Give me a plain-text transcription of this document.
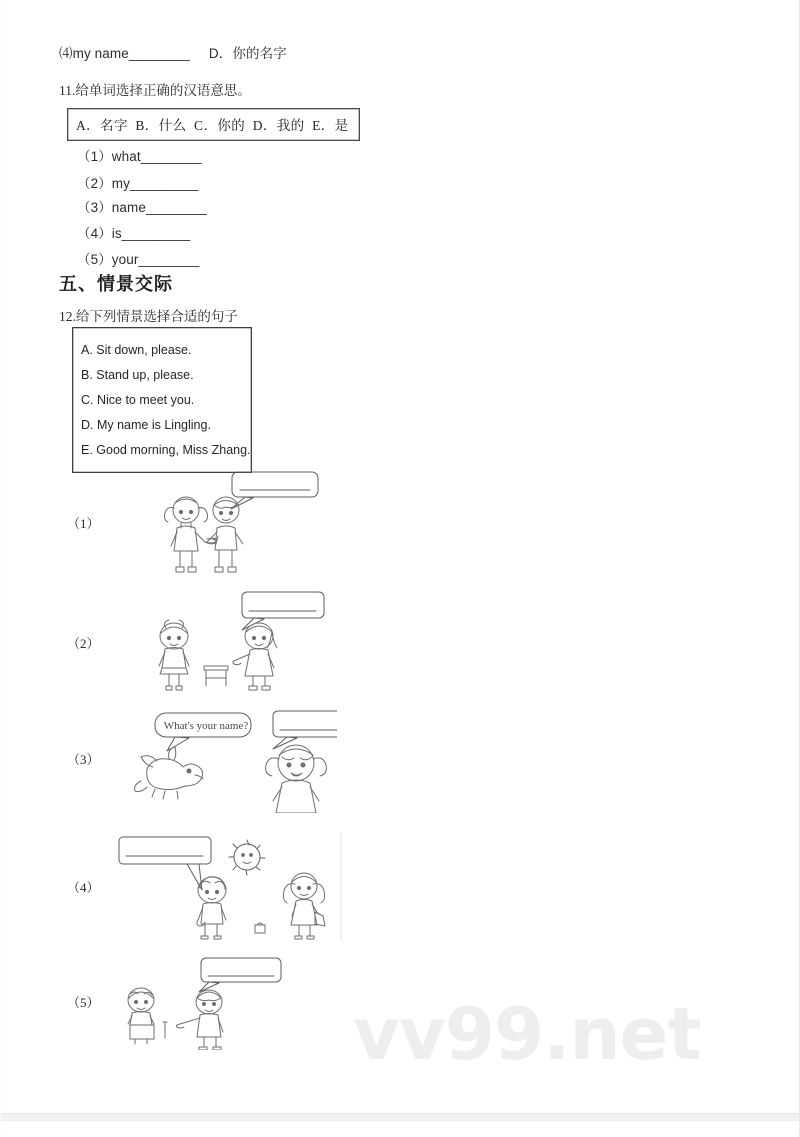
⑷my name________     D．你的名字
11.给单词选择正确的汉语意思。
A．名字  B．什么  C．你的  D．我的  E．是
（1）what________
（2）my_________
（3）name________
（4）is_________
（5）your________
五、情景交际
12.给下列情景选择合适的句子
A. Sit down, please.
B. Stand up, please.
C. Nice to meet you.
D. My name is Lingling.
E. Good morning, Miss Zhang.
（1）
（2）
（3）
What's your name?
（4）
（5）	vv99.net
